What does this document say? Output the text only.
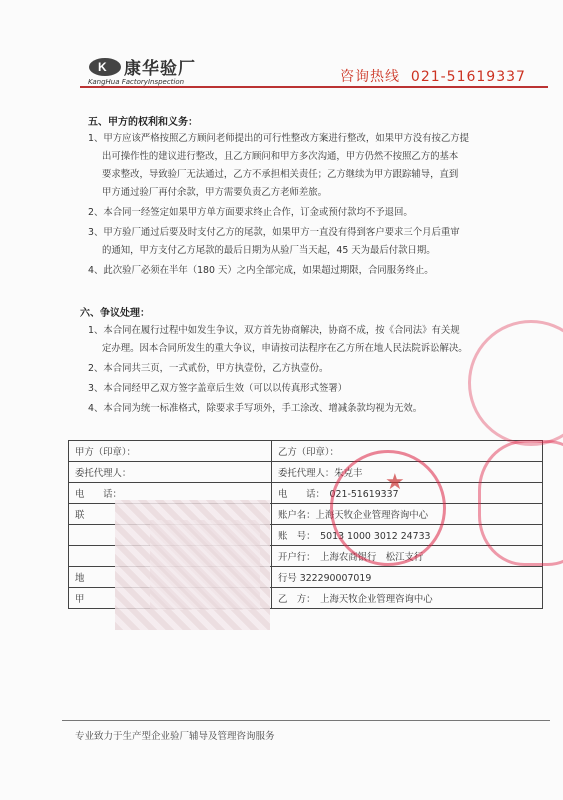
K 康华验厂
KangHua FactoryInspection	咨询热线 021-51619337
五、甲方的权利和义务：
1、甲方应该严格按照乙方顾问老师提出的可行性整改方案进行整改，如果甲方没有按乙方提
出可操作性的建议进行整改，且乙方顾问和甲方多次沟通，甲方仍然不按照乙方的基本
要求整改，导致验厂无法通过，乙方不承担相关责任；乙方继续为甲方跟踪辅导，直到
甲方通过验厂再付余款，甲方需要负责乙方老师差旅。
2、本合同一经签定如果甲方单方面要求终止合作，订金或预付款均不予退回。
3、甲方验厂通过后要及时支付乙方的尾款，如果甲方一直没有得到客户要求三个月后重审
的通知，甲方支付乙方尾款的最后日期为从验厂当天起，45 天为最后付款日期。
4、此次验厂必须在半年（180 天）之内全部完成，如果超过期限，合同服务终止。
六、争议处理：
1、本合同在履行过程中如发生争议，双方首先协商解决，协商不成，按《合同法》有关规
定办理。因本合同所发生的重大争议，申请按司法程序在乙方所在地人民法院诉讼解决。
2、本合同共三页，一式贰份，甲方执壹份，乙方执壹份。
3、本合同经甲乙双方签字盖章后生效（可以以传真形式签署）
4、本合同为统一标准格式，除要求手写项外，手工涂改、增减条款均视为无效。
甲方（印章）：	乙方（印章）：
委托代理人：	委托代理人：朱克丰
电　　话：	电　　话：　021-51619337
联	账户名：上海天牧企业管理咨询中心
	账　号：　5013 1000 3012 24733
	开户行：　上海农商银行　松江支行
地	行号 322290007019
甲	乙　方：　上海天牧企业管理咨询中心
★
专业致力于生产型企业验厂辅导及管理咨询服务
